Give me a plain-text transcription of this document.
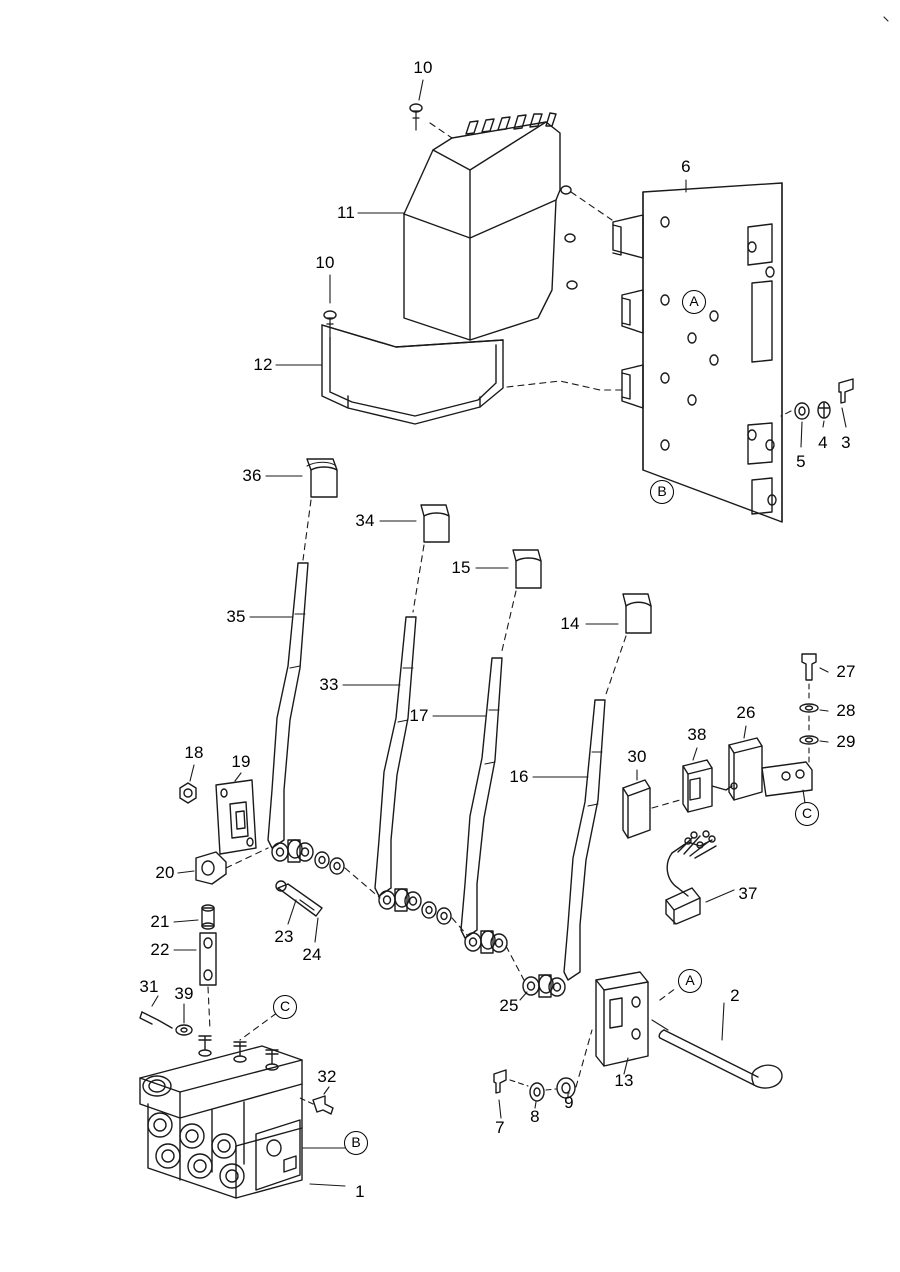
10
6
11
10
12
3
4
5
36
34
15
35	14
27
33
28
17	26
29
38
30
18 19
16
37
20
23
24
21
22
25
31 39	2
32	13
9
8
7
1
A
B
C
C
A
B
